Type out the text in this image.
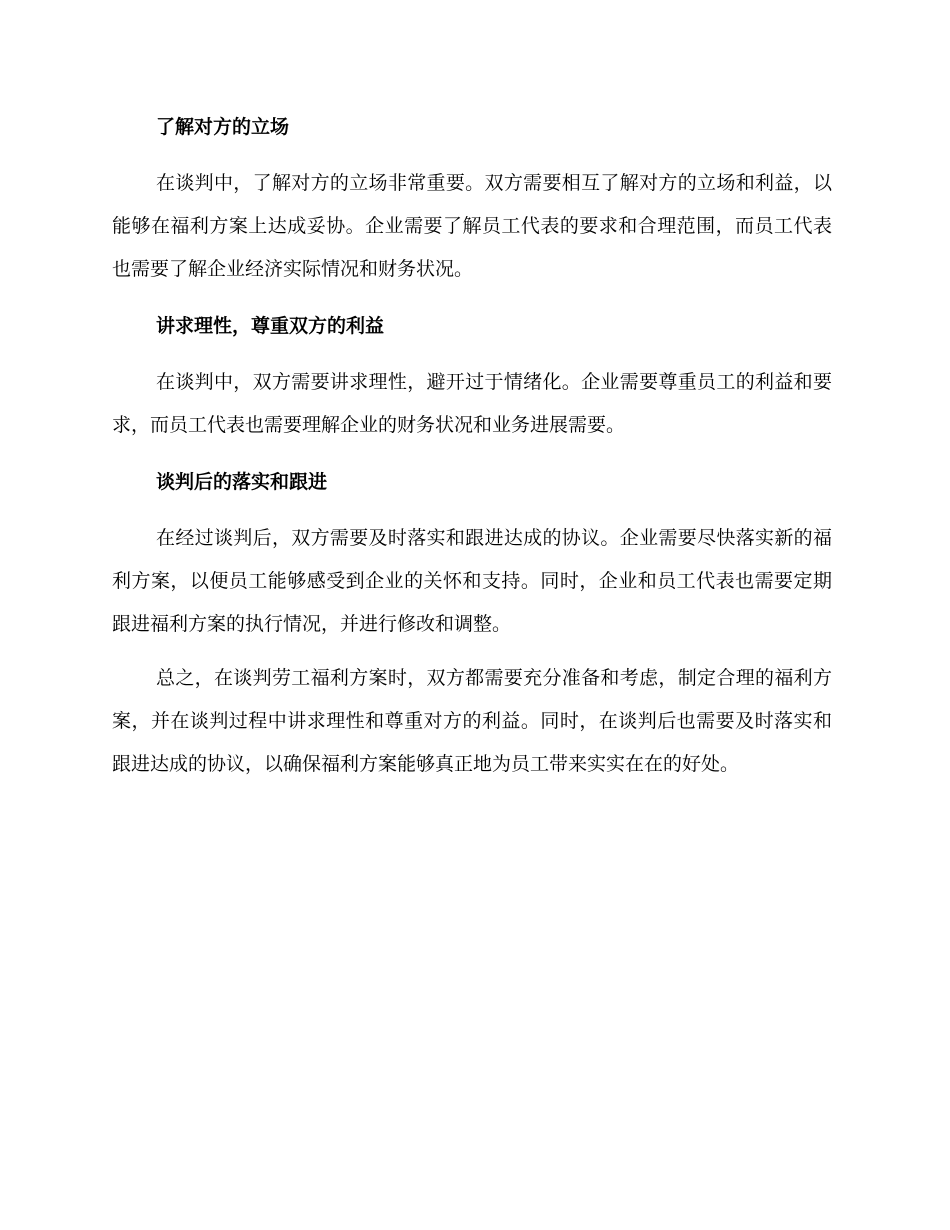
了解对方的立场

在谈判中，了解对方的立场非常重要。双方需要相互了解对方的立场和利益，以能够在福利方案上达成妥协。企业需要了解员工代表的要求和合理范围，而员工代表也需要了解企业经济实际情况和财务状况。

讲求理性，尊重双方的利益

在谈判中，双方需要讲求理性，避开过于情绪化。企业需要尊重员工的利益和要求，而员工代表也需要理解企业的财务状况和业务进展需要。

谈判后的落实和跟进

在经过谈判后，双方需要及时落实和跟进达成的协议。企业需要尽快落实新的福利方案，以便员工能够感受到企业的关怀和支持。同时，企业和员工代表也需要定期跟进福利方案的执行情况，并进行修改和调整。

总之，在谈判劳工福利方案时，双方都需要充分准备和考虑，制定合理的福利方案，并在谈判过程中讲求理性和尊重对方的利益。同时，在谈判后也需要及时落实和跟进达成的协议，以确保福利方案能够真正地为员工带来实实在在的好处。
